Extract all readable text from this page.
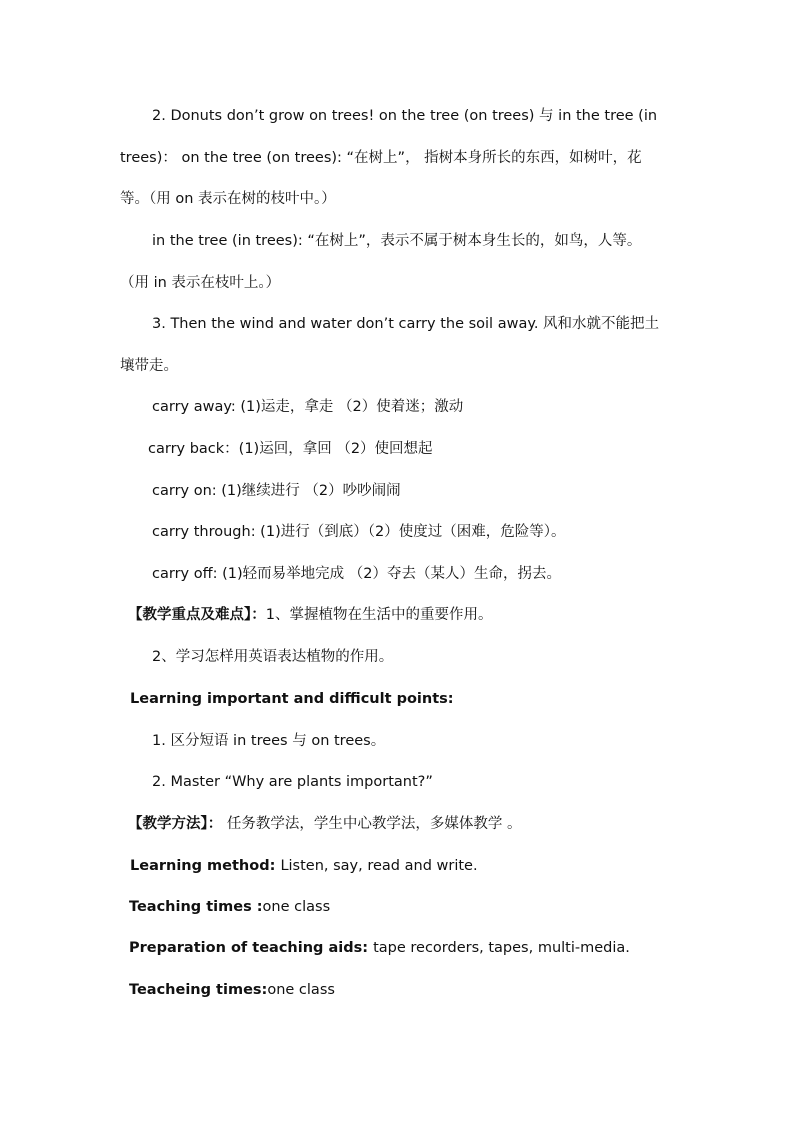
2. Donuts don’t grow on trees! on the tree (on trees) 与 in the tree (in
trees)： on the tree (on trees): “在树上”， 指树本身所长的东西，如树叶，花
等。（用 on 表示在树的枝叶中。）
in the tree (in trees): “在树上”，表示不属于树本身生长的，如鸟，人等。
（用 in 表示在枝叶上。）
3. Then the wind and water don’t carry the soil away. 风和水就不能把土
壤带走。
carry away: (1)运走，拿走 （2）使着迷；激动
carry back：(1)运回，拿回 （2）使回想起
carry on: (1)继续进行 （2）吵吵闹闹
carry through: (1)进行（到底）（2）使度过（困难，危险等）。
carry off: (1)轻而易举地完成 （2）夺去（某人）生命，拐去。
【教学重点及难点】：1、掌握植物在生活中的重要作用。
2、学习怎样用英语表达植物的作用。
Learning important and difficult points:
1. 区分短语 in trees 与 on trees。
2. Master “Why are plants important?”
【教学方法】： 任务教学法，学生中心教学法，多媒体教学 。
Learning method: Listen, say, read and write.
Teaching times :one class
Preparation of teaching aids: tape recorders, tapes, multi-media.
Teacheing times:one class
